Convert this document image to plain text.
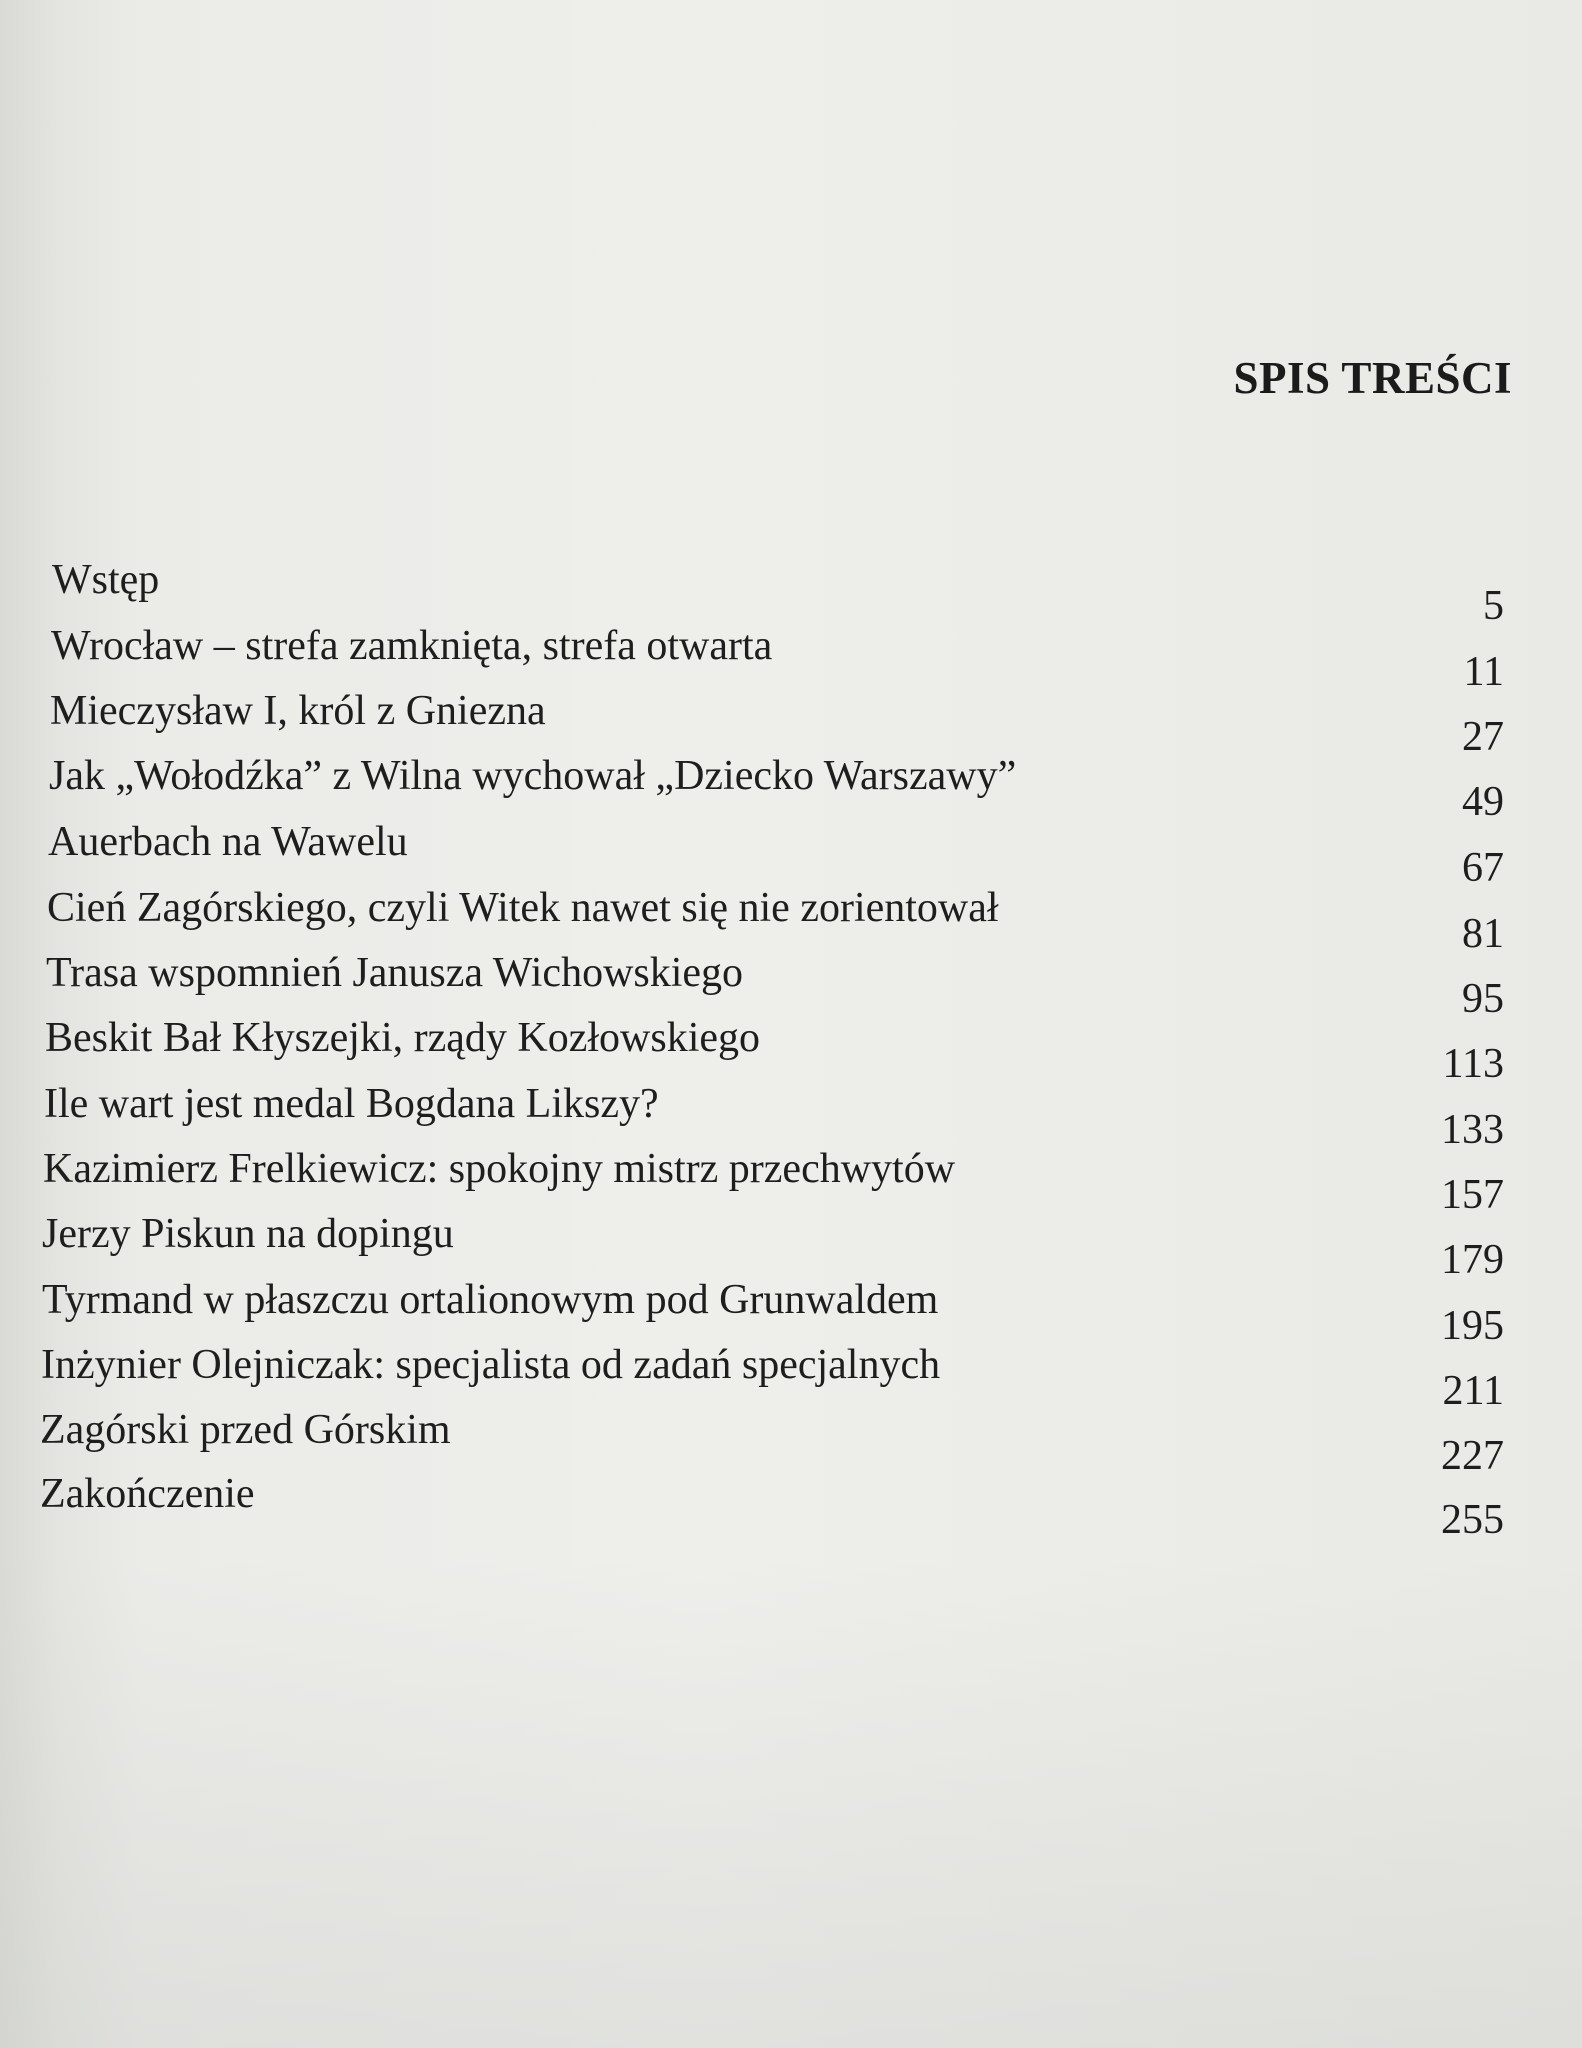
SPIS TREŚCI
Wstęp
5
Wrocław – strefa zamknięta, strefa otwarta
11
Mieczysław I, król z Gniezna
27
Jak „Wołodźka” z Wilna wychował „Dziecko Warszawy”
49
Auerbach na Wawelu
67
Cień Zagórskiego, czyli Witek nawet się nie zorientował
81
Trasa wspomnień Janusza Wichowskiego
95
Beskit Bał Kłyszejki, rządy Kozłowskiego
113
Ile wart jest medal Bogdana Likszy?
133
Kazimierz Frelkiewicz: spokojny mistrz przechwytów
157
Jerzy Piskun na dopingu
179
Tyrmand w płaszczu ortalionowym pod Grunwaldem
195
Inżynier Olejniczak: specjalista od zadań specjalnych
211
Zagórski przed Górskim
227
Zakończenie
255
